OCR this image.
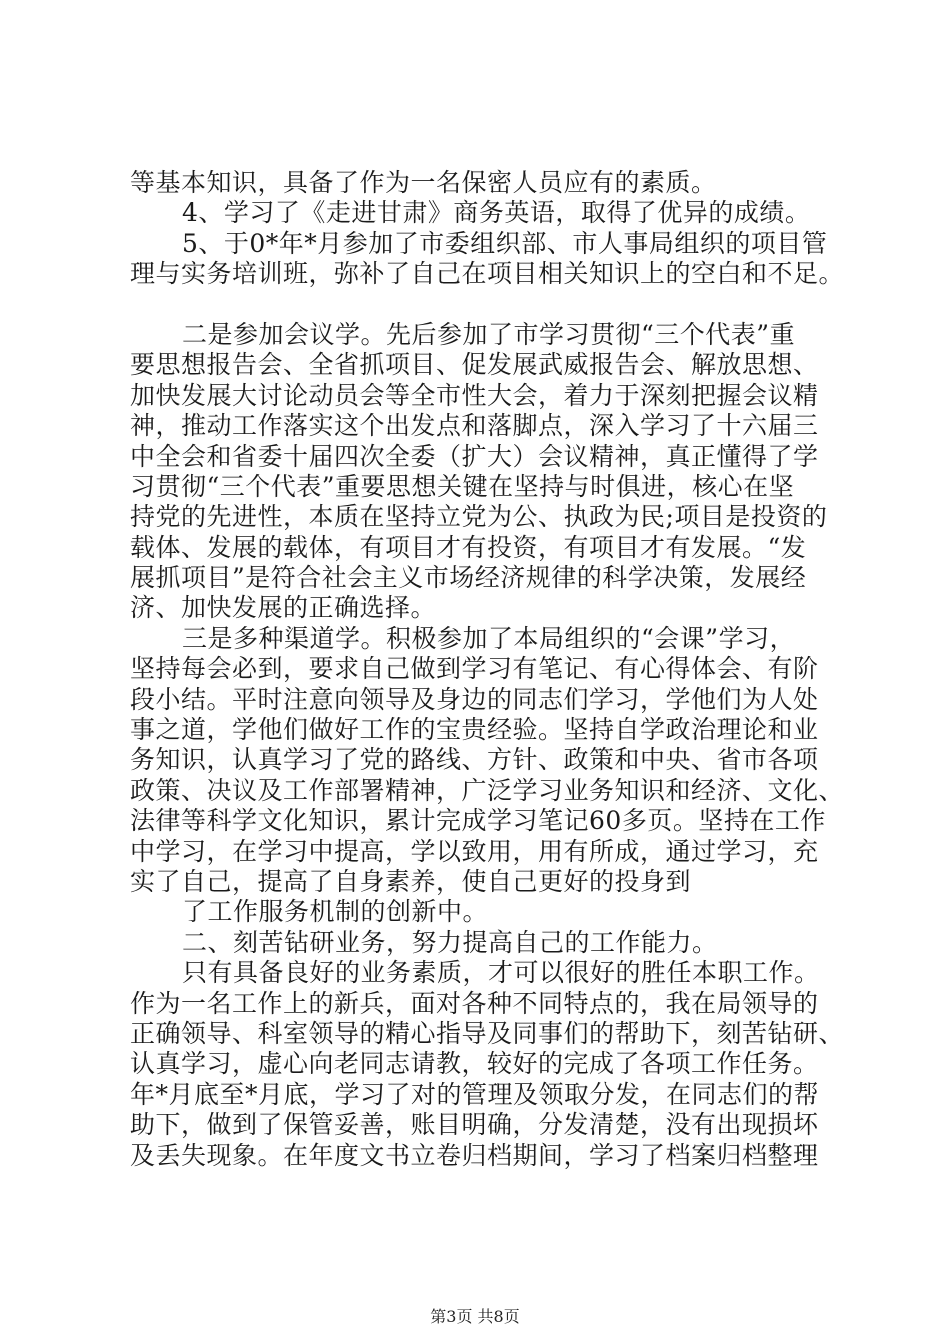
等基本知识，具备了作为一名保密人员应有的素质。
4、学习了《走进甘肃》商务英语，取得了优异的成绩。
5、于0*年*月参加了市委组织部、市人事局组织的项目管
理与实务培训班，弥补了自己在项目相关知识上的空白和不足。
二是参加会议学。先后参加了市学习贯彻“三个代表”重
要思想报告会、全省抓项目、促发展武威报告会、解放思想、
加快发展大讨论动员会等全市性大会，着力于深刻把握会议精
神，推动工作落实这个出发点和落脚点，深入学习了十六届三
中全会和省委十届四次全委（扩大）会议精神，真正懂得了学
习贯彻“三个代表”重要思想关键在坚持与时俱进，核心在坚
持党的先进性，本质在坚持立党为公、执政为民;项目是投资的
载体、发展的载体，有项目才有投资，有项目才有发展。“发
展抓项目”是符合社会主义市场经济规律的科学决策，发展经
济、加快发展的正确选择。
三是多种渠道学。积极参加了本局组织的“会课”学习，
坚持每会必到，要求自己做到学习有笔记、有心得体会、有阶
段小结。平时注意向领导及身边的同志们学习，学他们为人处
事之道，学他们做好工作的宝贵经验。坚持自学政治理论和业
务知识，认真学习了党的路线、方针、政策和中央、省市各项
政策、决议及工作部署精神，广泛学习业务知识和经济、文化、
法律等科学文化知识，累计完成学习笔记60多页。坚持在工作
中学习，在学习中提高，学以致用，用有所成，通过学习，充
实了自己，提高了自身素养，使自己更好的投身到
了工作服务机制的创新中。
二、刻苦钻研业务，努力提高自己的工作能力。
只有具备良好的业务素质，才可以很好的胜任本职工作。
作为一名工作上的新兵，面对各种不同特点的，我在局领导的
正确领导、科室领导的精心指导及同事们的帮助下，刻苦钻研、
认真学习，虚心向老同志请教，较好的完成了各项工作任务。
年*月底至*月底，学习了对的管理及领取分发，在同志们的帮
助下，做到了保管妥善，账目明确，分发清楚，没有出现损坏
及丢失现象。在年度文书立卷归档期间，学习了档案归档整理
第3页 共8页
